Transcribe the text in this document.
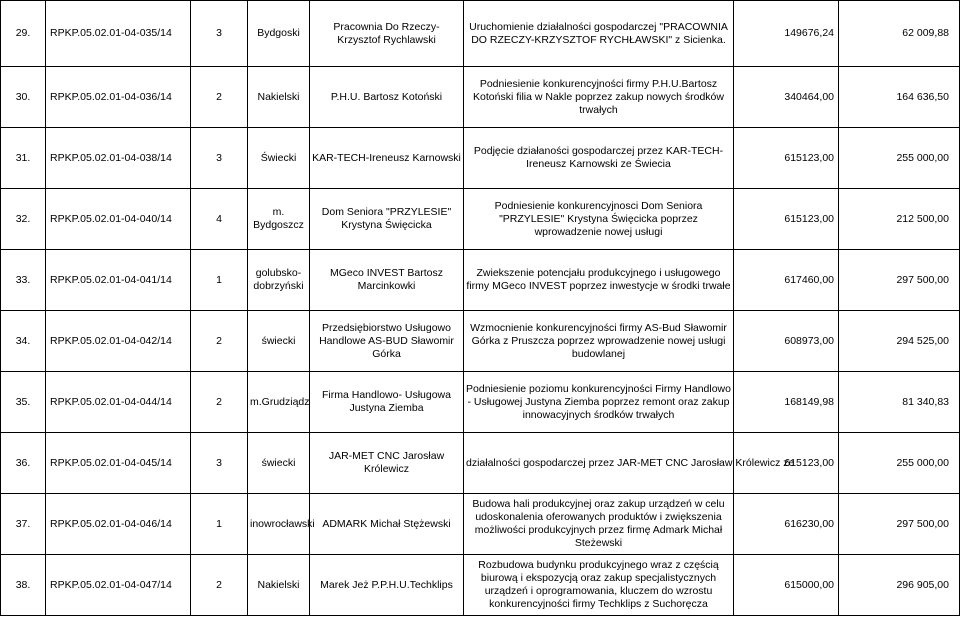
29.	RPKP.05.02.01-04-035/14	3	Bydgoski	Pracownia Do Rzeczy-Krzysztof Rychlawski	Uruchomienie działalności gospodarczej "PRACOWNIA DO RZECZY-KRZYSZTOF RYCHŁAWSKI" z Sicienka.	149676,24	62 009,88
30.	RPKP.05.02.01-04-036/14	2	Nakielski	P.H.U. Bartosz Kotoński	Podniesienie konkurencyjności firmy P.H.U.Bartosz Kotoński filia w Nakle poprzez zakup nowych środków trwałych	340464,00	164 636,50
31.	RPKP.05.02.01-04-038/14	3	Świecki	KAR-TECH-Ireneusz Karnowski	Podjęcie działaności gospodarczej przez KAR-TECH-Ireneusz Karnowski ze Świecia	615123,00	255 000,00
32.	RPKP.05.02.01-04-040/14	4	m. Bydgoszcz	Dom Seniora "PRZYLESIE" Krystyna Święcicka	Podniesienie konkurencyjnosci Dom Seniora "PRZYLESIE" Krystyna Święcicka poprzez wprowadzenie nowej usługi	615123,00	212 500,00
33.	RPKP.05.02.01-04-041/14	1	golubsko-dobrzyński	MGeco INVEST Bartosz Marcinkowki	Zwiekszenie potencjału produkcyjnego i usługowego firmy MGeco INVEST poprzez inwestycje w środki trwałe	617460,00	297 500,00
34.	RPKP.05.02.01-04-042/14	2	świecki	Przedsiębiorstwo Usługowo Handlowe AS-BUD Sławomir Górka	Wzmocnienie konkurencyjności firmy AS-Bud Sławomir Górka z Pruszcza poprzez wprowadzenie nowej usługi budowlanej	608973,00	294 525,00
35.	RPKP.05.02.01-04-044/14	2	m.Grudziądz	Firma Handlowo- Usługowa Justyna Ziemba	Podniesienie poziomu konkurencyjności Firmy Handlowo - Usługowej Justyna Ziemba poprzez remont oraz zakup innowacyjnych środków trwałych	168149,98	81 340,83
36.	RPKP.05.02.01-04-045/14	3	świecki	JAR-MET CNC Jarosław Królewicz	działalności gospodarczej przez JAR-MET CNC Jarosław Królewicz ze	615123,00	255 000,00
37.	RPKP.05.02.01-04-046/14	1	inowrocławski	ADMARK Michał Stężewski	Budowa hali produkcyjnej oraz zakup urządzeń w celu udoskonalenia oferowanych produktów i zwiększenia możliwości produkcyjnych przez firmę Admark Michał Steżewski	616230,00	297 500,00
38.	RPKP.05.02.01-04-047/14	2	Nakielski	Marek Jeż P.P.H.U.Techklips	Rozbudowa budynku produkcyjnego wraz z częścią biurową i ekspozycją oraz zakup specjalistycznych urządzeń i oprogramowania, kluczem do wzrostu konkurencyjności firmy Techklips z Suchoręcza	615000,00	296 905,00
